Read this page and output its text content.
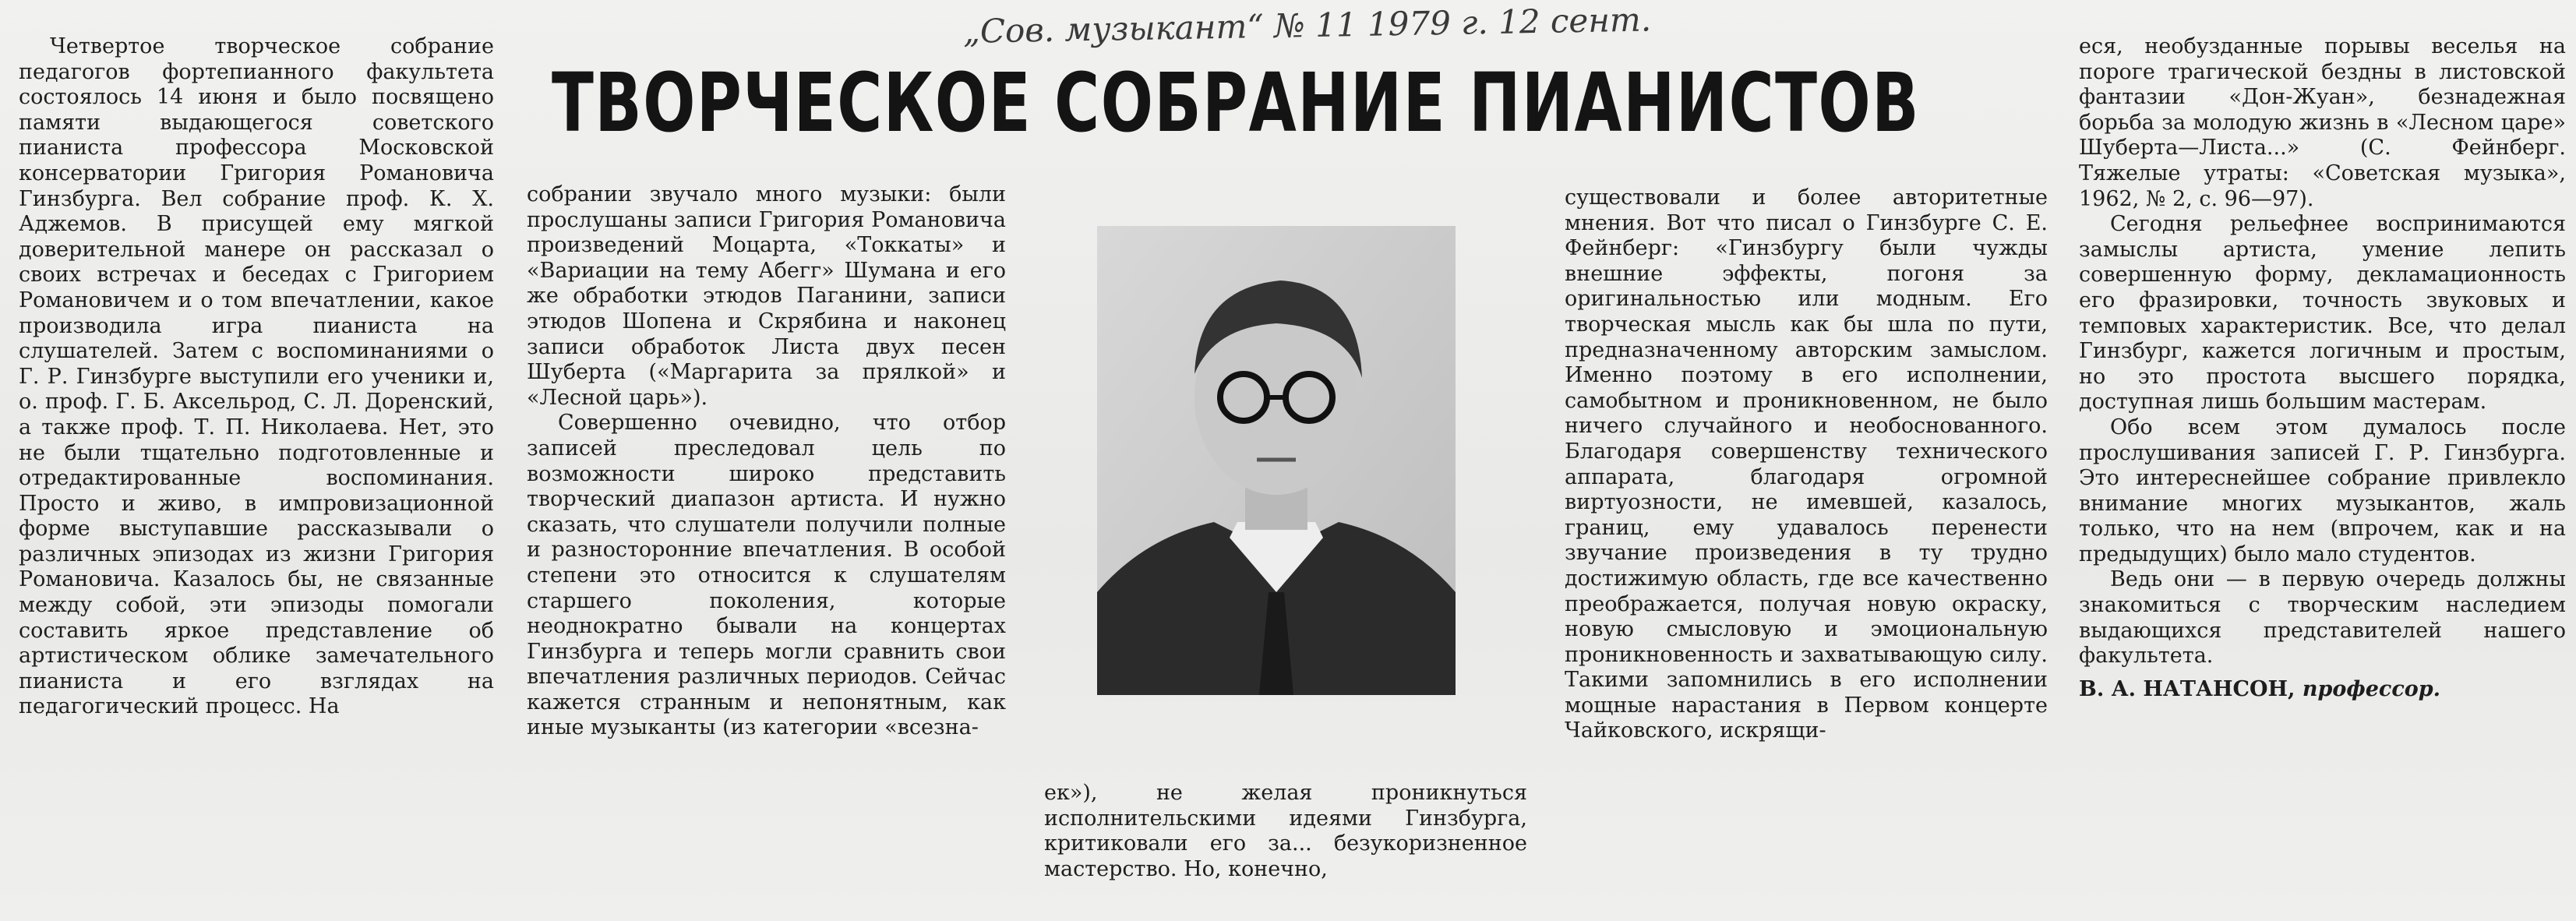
„Сов. музыкант“ № 11 1979 г. 12 сент.
ТВОРЧЕСКОЕ СОБРАНИЕ ПИАНИСТОВ

Четвертое творческое собрание педагогов фортепианного факультета состоялось 14 июня и было посвящено памяти выдающегося советского пианиста профессора Московской консерватории Григория Романовича Гинзбурга. Вел собрание проф. К. Х. Аджемов. В присущей ему мягкой доверительной манере он рассказал о своих встречах и беседах с Григорием Романовичем и о том впечатлении, какое производила игра пианиста на слушателей. Затем с воспоминаниями о Г. Р. Гинзбурге выступили его ученики и, о. проф. Г. Б. Аксельрод, С. Л. Доренский, а также проф. Т. П. Николаева. Нет, это не были тщательно подготовленные и отредактированные воспоминания. Просто и живо, в импровизационной форме выступавшие рассказывали о различных эпизодах из жизни Григория Романовича. Казалось бы, не связанные между собой, эти эпизоды помогали составить яркое представление об артистическом облике замечательного пианиста и его взглядах на педагогический процесс. На

собрании звучало много музыки: были прослушаны записи Григория Романовича произведений Моцарта, «Токкаты» и «Вариации на тему Абегг» Шумана и его же обработки этюдов Паганини, записи этюдов Шопена и Скрябина и наконец записи обработок Листа двух песен Шуберта («Маргарита за прялкой» и «Лесной царь»).

Совершенно очевидно, что отбор записей преследовал цель по возможности широко представить творческий диапазон артиста. И нужно сказать, что слушатели получили полные и разносторонние впечатления. В особой степени это относится к слушателям старшего поколения, которые неоднократно бывали на концертах Гинзбурга и теперь могли сравнить свои впечатления различных периодов. Сейчас кажется странным и непонятным, как иные музыканты (из категории «всезна-

ек»), не желая проникнуться исполнительскими идеями Гинзбурга, критиковали его за... безукоризненное мастерство. Но, конечно,

существовали и более авторитетные мнения. Вот что писал о Гинзбурге С. Е. Фейнберг: «Гинзбургу были чужды внешние эффекты, погоня за оригинальностью или модным. Его творческая мысль как бы шла по пути, предназначенному авторским замыслом. Именно поэтому в его исполнении, самобытном и проникновенном, не было ничего случайного и необоснованного. Благодаря совершенству технического аппарата, благодаря огромной виртуозности, не имевшей, казалось, границ, ему удавалось перенести звучание произведения в ту трудно достижимую область, где все качественно преображается, получая новую окраску, новую смысловую и эмоциональную проникновенность и захватывающую силу. Такими запомнились в его исполнении мощные нарастания в Первом концерте Чайковского, искрящи-

еся, необузданные порывы веселья на пороге трагической бездны в листовской фантазии «Дон-Жуан», безнадежная борьба за молодую жизнь в «Лесном царе» Шуберта—Листа...» (С. Фейнберг. Тяжелые утраты: «Советская музыка», 1962, № 2, с. 96—97).

Сегодня рельефнее воспринимаются замыслы артиста, умение лепить совершенную форму, декламационность его фразировки, точность звуковых и темповых характеристик. Все, что делал Гинзбург, кажется логичным и простым, но это простота высшего порядка, доступная лишь большим мастерам.

Обо всем этом думалось после прослушивания записей Г. Р. Гинзбурга. Это интереснейшее собрание привлекло внимание многих музыкантов, жаль только, что на нем (впрочем, как и на предыдущих) было мало студентов.

Ведь они — в первую очередь должны знакомиться с творческим наследием выдающихся представителей нашего факультета.

В. А. НАТАНСОН, профессор.
